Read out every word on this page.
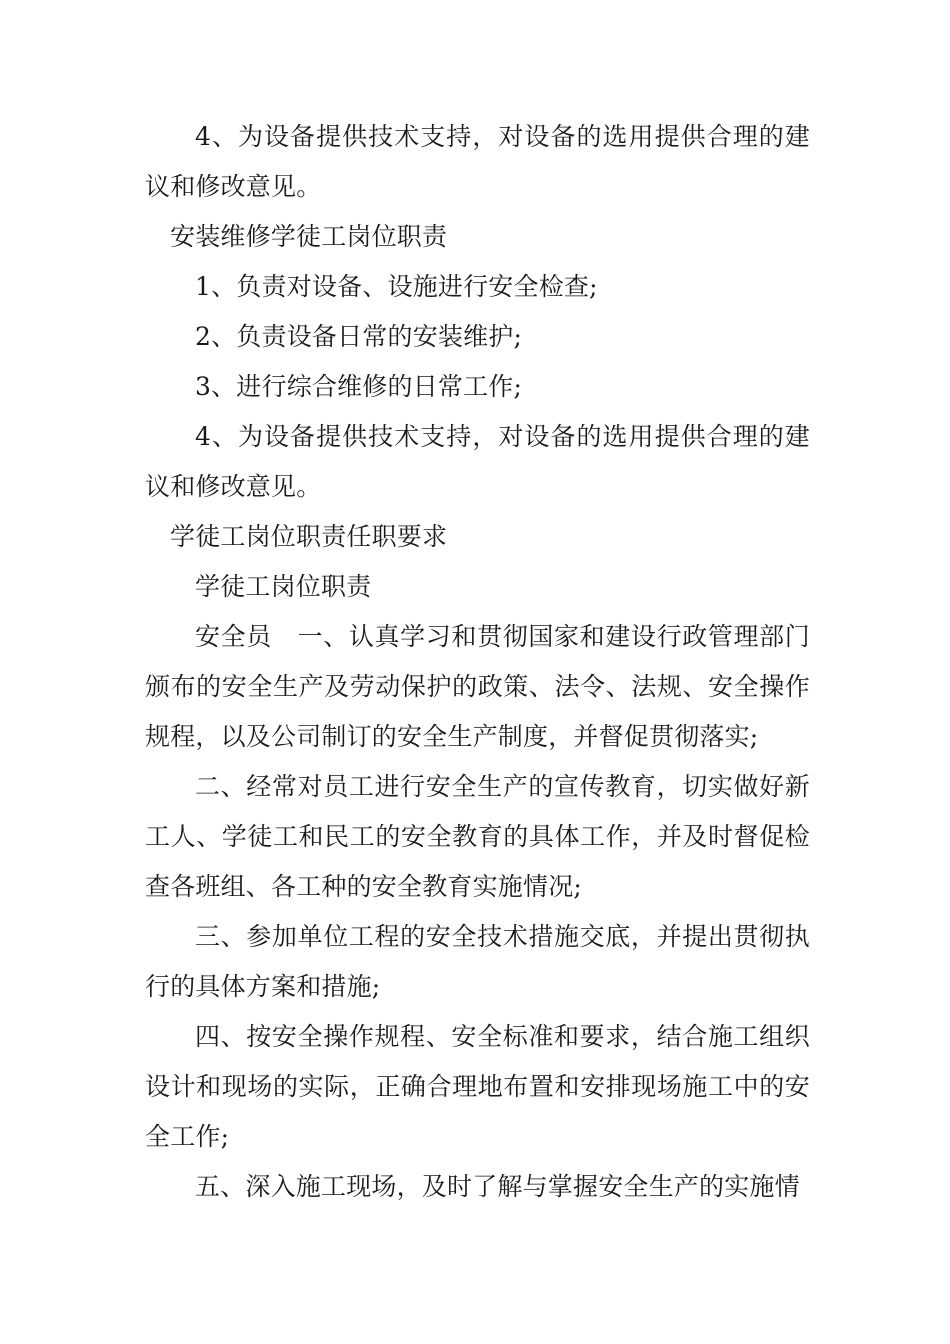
4、为设备提供技术支持，对设备的选用提供合理的建议和修改意见。

安装维修学徒工岗位职责

1、负责对设备、设施进行安全检查;

2、负责设备日常的安装维护;

3、进行综合维修的日常工作;

4、为设备提供技术支持，对设备的选用提供合理的建议和修改意见。

学徒工岗位职责任职要求

学徒工岗位职责

安全员　一、认真学习和贯彻国家和建设行政管理部门颁布的安全生产及劳动保护的政策、法令、法规、安全操作规程，以及公司制订的安全生产制度，并督促贯彻落实;

二、经常对员工进行安全生产的宣传教育，切实做好新工人、学徒工和民工的安全教育的具体工作，并及时督促检查各班组、各工种的安全教育实施情况;

三、参加单位工程的安全技术措施交底，并提出贯彻执行的具体方案和措施;

四、按安全操作规程、安全标准和要求，结合施工组织设计和现场的实际，正确合理地布置和安排现场施工中的安全工作;

五、深入施工现场，及时了解与掌握安全生产的实施情
